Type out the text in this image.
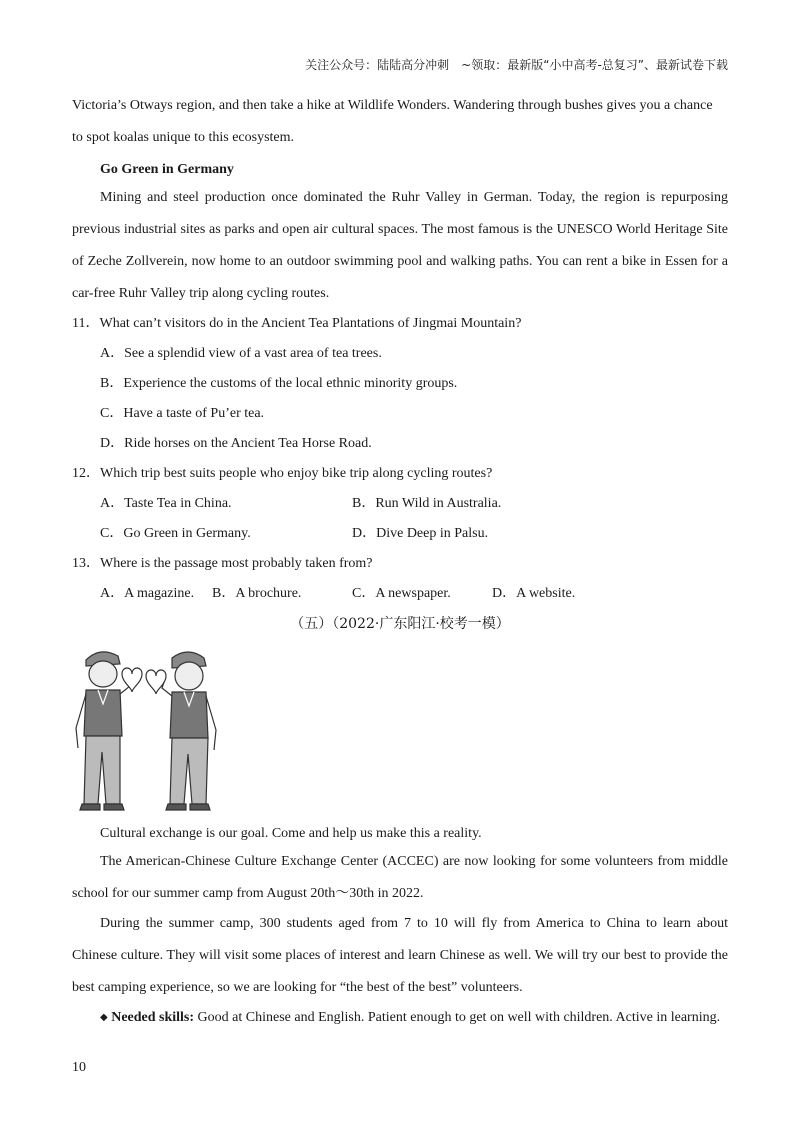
关注公众号：陆陆高分冲刺　~领取：最新版“小中高考-总复习”、最新试卷下载
Victoria’s Otways region, and then take a hike at Wildlife Wonders. Wandering through bushes gives you a chance
to spot koalas unique to this ecosystem.
Go Green in Germany
Mining and steel production once dominated the Ruhr Valley in German. Today, the region is repurposing previous industrial sites as parks and open air cultural spaces. The most famous is the UNESCO World Heritage Site of Zeche Zollverein, now home to an outdoor swimming pool and walking paths. You can rent a bike in Essen for a car-free Ruhr Valley trip along cycling routes.
11．What can’t visitors do in the Ancient Tea Plantations of Jingmai Mountain?
A．See a splendid view of a vast area of tea trees.
B．Experience the customs of the local ethnic minority groups.
C．Have a taste of Pu’er tea.
D．Ride horses on the Ancient Tea Horse Road.
12．Which trip best suits people who enjoy bike trip along cycling routes?
A．Taste Tea in China.	B．Run Wild in Australia.
C．Go Green in Germany.	D．Dive Deep in Palsu.
13．Where is the passage most probably taken from?
A．A magazine. B．A brochure.	C．A newspaper.	D．A website.
（五）（2022·广东阳江·校考一模）
Cultural exchange is our goal. Come and help us make this a reality.
The American-Chinese Culture Exchange Center (ACCEC) are now looking for some volunteers from middle school for our summer camp from August 20th～30th in 2022.
During the summer camp, 300 students aged from 7 to 10 will fly from America to China to learn about Chinese culture. They will visit some places of interest and learn Chinese as well. We will try our best to provide the best camping experience, so we are looking for “the best of the best” volunteers.
◆ Needed skills: Good at Chinese and English. Patient enough to get on well with children. Active in learning.
10
